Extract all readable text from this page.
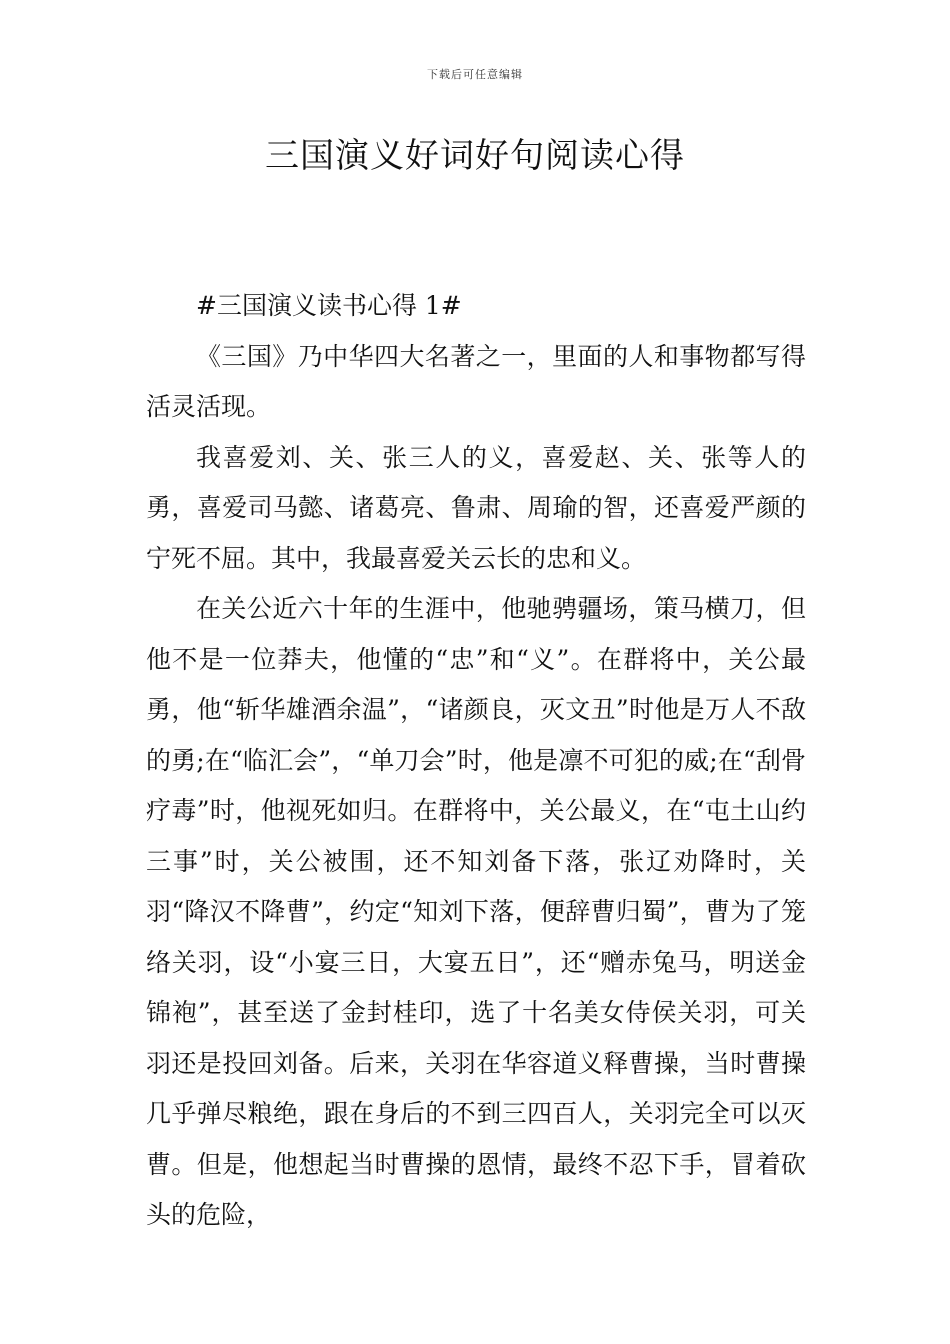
下载后可任意编辑
三国演义好词好句阅读心得

#三国演义读书心得 1#

《三国》乃中华四大名著之一，里面的人和事物都写得活灵活现。

我喜爱刘、关、张三人的义，喜爱赵、关、张等人的勇，喜爱司马懿、诸葛亮、鲁肃、周瑜的智，还喜爱严颜的宁死不屈。其中，我最喜爱关云长的忠和义。

在关公近六十年的生涯中，他驰骋疆场，策马横刀，但他不是一位莽夫，他懂的“忠”和“义”。在群将中，关公最勇，他“斩华雄酒余温”，“诸颜良，灭文丑”时他是万人不敌的勇;在“临汇会”，“单刀会”时，他是凛不可犯的威;在“刮骨疗毒”时，他视死如归。在群将中，关公最义，在“屯土山约三事”时，关公被围，还不知刘备下落，张辽劝降时，关羽“降汉不降曹”，约定“知刘下落，便辞曹归蜀”，曹为了笼络关羽，设“小宴三日，大宴五日”，还“赠赤兔马，明送金锦袍”，甚至送了金封桂印，选了十名美女侍侯关羽，可关羽还是投回刘备。后来，关羽在华容道义释曹操，当时曹操几乎弹尽粮绝，跟在身后的不到三四百人，关羽完全可以灭曹。但是，他想起当时曹操的恩情，最终不忍下手，冒着砍头的危险，
